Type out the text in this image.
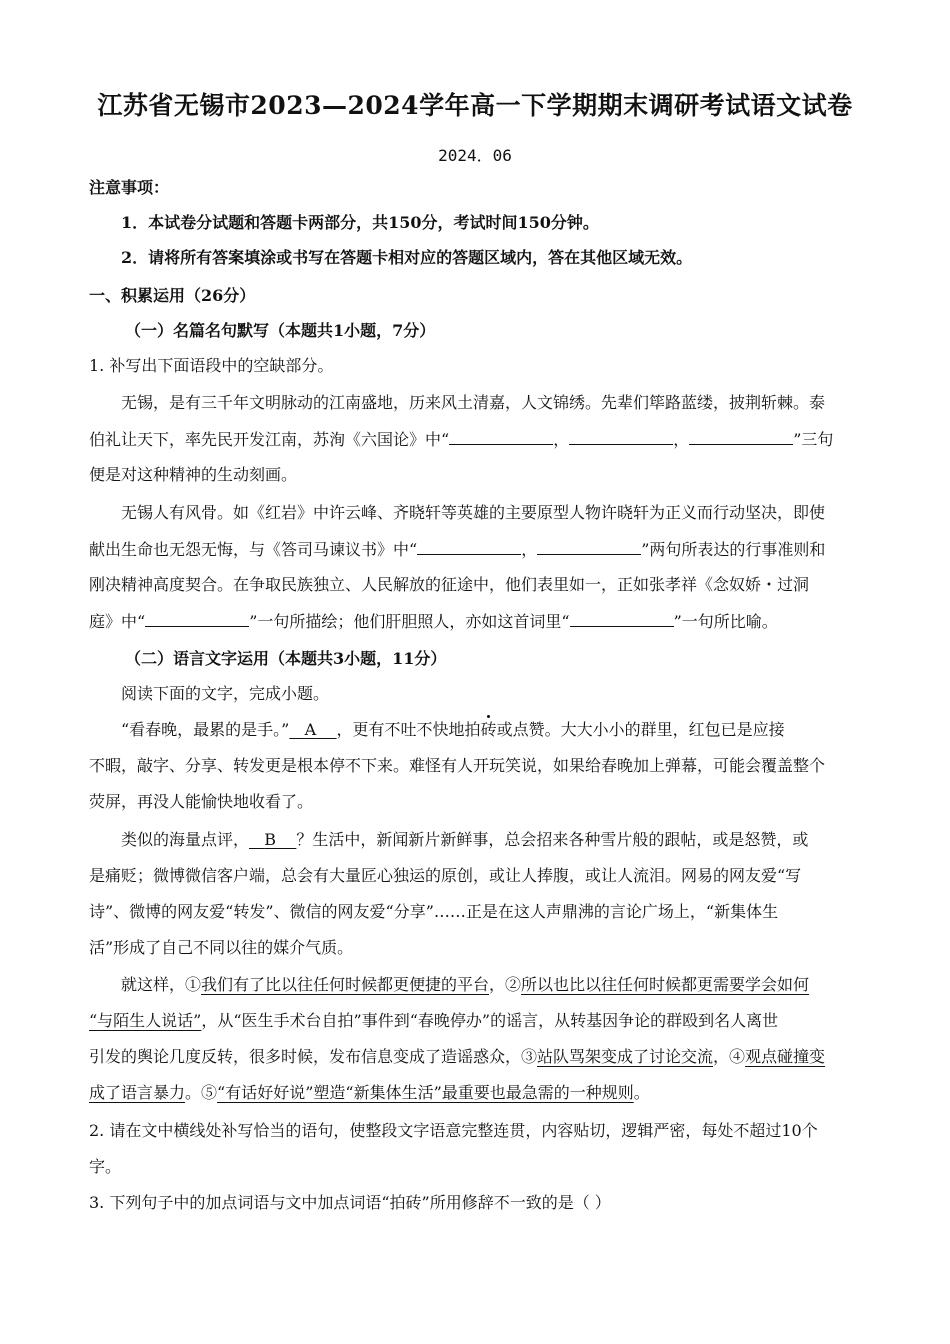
江苏省无锡市2023—2024学年高一下学期期末调研考试语文试卷
2024．06
注意事项：
1．本试卷分试题和答题卡两部分，共150分，考试时间150分钟。
2．请将所有答案填涂或书写在答题卡相对应的答题区域内，答在其他区域无效。
一、积累运用（26分）
（一）名篇名句默写（本题共1小题，7分）
1. 补写出下面语段中的空缺部分。
无锡，是有三千年文明脉动的江南盛地，历来风土清嘉，人文锦绣。先辈们筚路蓝缕，披荆斩棘。泰
伯礼让天下，率先民开发江南，苏洵《六国论》中“	，	，	”三句
便是对这种精神的生动刻画。
无锡人有风骨。如《红岩》中许云峰、齐晓轩等英雄的主要原型人物许晓轩为正义而行动坚决，即使
献出生命也无怨无悔，与《答司马谏议书》中“	，	”两句所表达的行事准则和
刚决精神高度契合。在争取民族独立、人民解放的征途中，他们表里如一，正如张孝祥《念奴娇・过洞
庭》中“	”一句所描绘；他们肝胆照人，亦如这首词里“	”一句所比喻。
（二）语言文字运用（本题共3小题，11分）
阅读下面的文字，完成小题。
“看春晚，最累的是手。” A ，更有不吐不快地拍砖或点赞。大大小小的群里，红包已是应接
不暇，敲字、分享、转发更是根本停不下来。难怪有人开玩笑说，如果给春晚加上弹幕，可能会覆盖整个
荧屏，再没人能愉快地收看了。
类似的海量点评， B ？生活中，新闻新片新鲜事，总会招来各种雪片般的跟帖，或是怒赞，或
是痛贬；微博微信客户端，总会有大量匠心独运的原创，或让人捧腹，或让人流泪。网易的网友爱“写
诗”、微博的网友爱“转发”、微信的网友爱“分享”……正是在这人声鼎沸的言论广场上，“新集体生
活”形成了自己不同以往的媒介气质。
就这样，①我们有了比以往任何时候都更便捷的平台，②所以也比以往任何时候都更需要学会如何
“与陌生人说话”，从“医生手术台自拍”事件到“春晚停办”的谣言，从转基因争论的群殴到名人离世
引发的舆论几度反转，很多时候，发布信息变成了造谣惑众，③站队骂架变成了讨论交流，④观点碰撞变
成了语言暴力。⑤“有话好好说”塑造“新集体生活”最重要也最急需的一种规则。
2. 请在文中横线处补写恰当的语句，使整段文字语意完整连贯，内容贴切，逻辑严密，每处不超过10个
字。
3. 下列句子中的加点词语与文中加点词语“拍砖”所用修辞不一致的是（ ）
